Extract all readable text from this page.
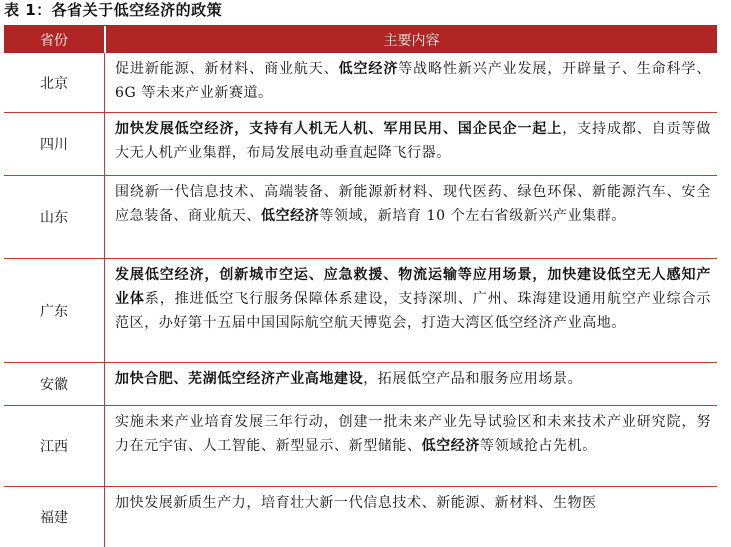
表 1：各省关于低空经济的政策
省份	主要内容
北京
促进新能源、新材料、商业航天、低空经济等战略性新兴产业发展，开辟量子、生命科学、6G 等未来产业新赛道。
四川
加快发展低空经济，支持有人机无人机、军用民用、国企民企一起上，支持成都、自贡等做大无人机产业集群，布局发展电动垂直起降飞行器。
山东
围绕新一代信息技术、高端装备、新能源新材料、现代医药、绿色环保、新能源汽车、安全应急装备、商业航天、低空经济等领域，新培育 10 个左右省级新兴产业集群。
广东
发展低空经济，创新城市空运、应急救援、物流运输等应用场景，加快建设低空无人感知产业体系，推进低空飞行服务保障体系建设，支持深圳、广州、珠海建设通用航空产业综合示范区，办好第十五届中国国际航空航天博览会，打造大湾区低空经济产业高地。
安徽	加快合肥、芜湖低空经济产业高地建设，拓展低空产品和服务应用场景。
江西
实施未来产业培育发展三年行动，创建一批未来产业先导试验区和未来技术产业研究院，努力在元宇宙、人工智能、新型显示、新型储能、低空经济等领域抢占先机。
福建
加快发展新质生产力，培育壮大新一代信息技术、新能源、新材料、生物医
